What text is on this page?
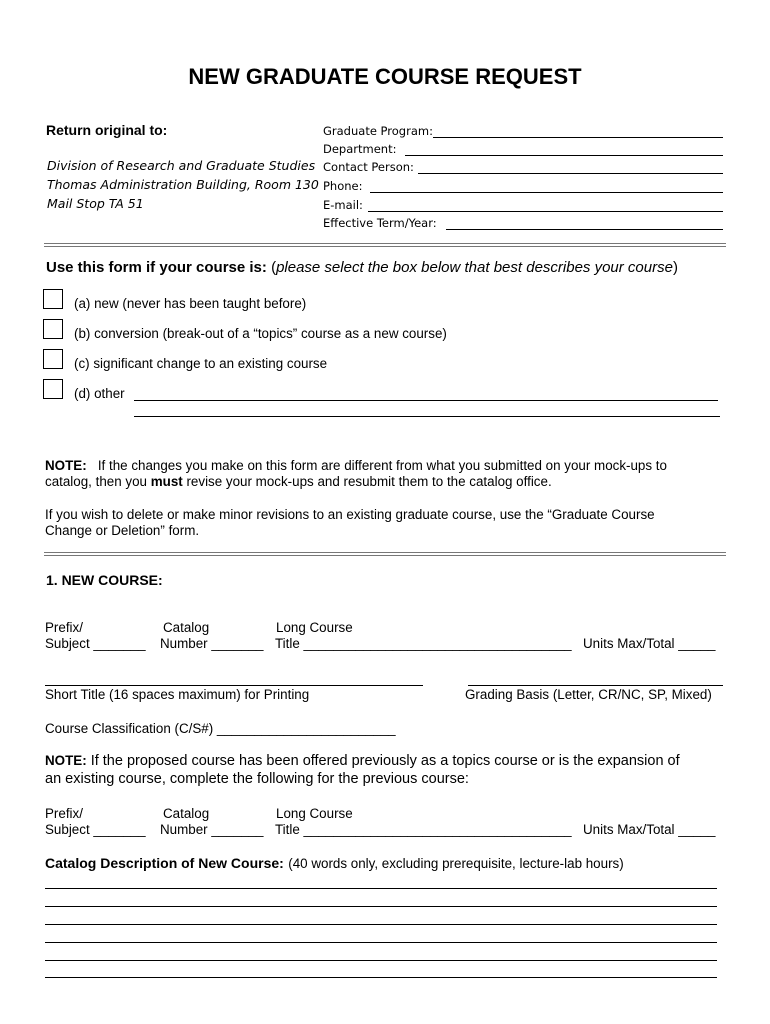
NEW GRADUATE COURSE REQUEST
Return original to:
Division of Research and Graduate Studies
Thomas Administration Building, Room 130
Mail Stop TA 51
Graduate Program:
Department:
Contact Person:
Phone:
E-mail:
Effective Term/Year:
Use this form if your course is: (please select the box below that best describes your course)
(a) new (never has been taught before)
(b) conversion (break-out of a “topics” course as a new course)
(c) significant change to an existing course
(d) other
NOTE: If the changes you make on this form are different from what you submitted on your mock-ups to
catalog, then you must revise your mock-ups and resubmit them to the catalog office.
If you wish to delete or make minor revisions to an existing graduate course, use the “Graduate Course
Change or Deletion” form.
1. NEW COURSE:
Prefix/
Subject _______
Catalog
Number _______
Long Course
Title ____________________________________ Units Max/Total _____
Short Title (16 spaces maximum) for Printing	Grading Basis (Letter, CR/NC, SP, Mixed)
Course Classification (C/S#) ________________________
NOTE: If the proposed course has been offered previously as a topics course or is the expansion of
an existing course, complete the following for the previous course:
Prefix/
Subject _______
Catalog
Number _______
Long Course
Title ____________________________________ Units Max/Total _____
Catalog Description of New Course: (40 words only, excluding prerequisite, lecture-lab hours)
